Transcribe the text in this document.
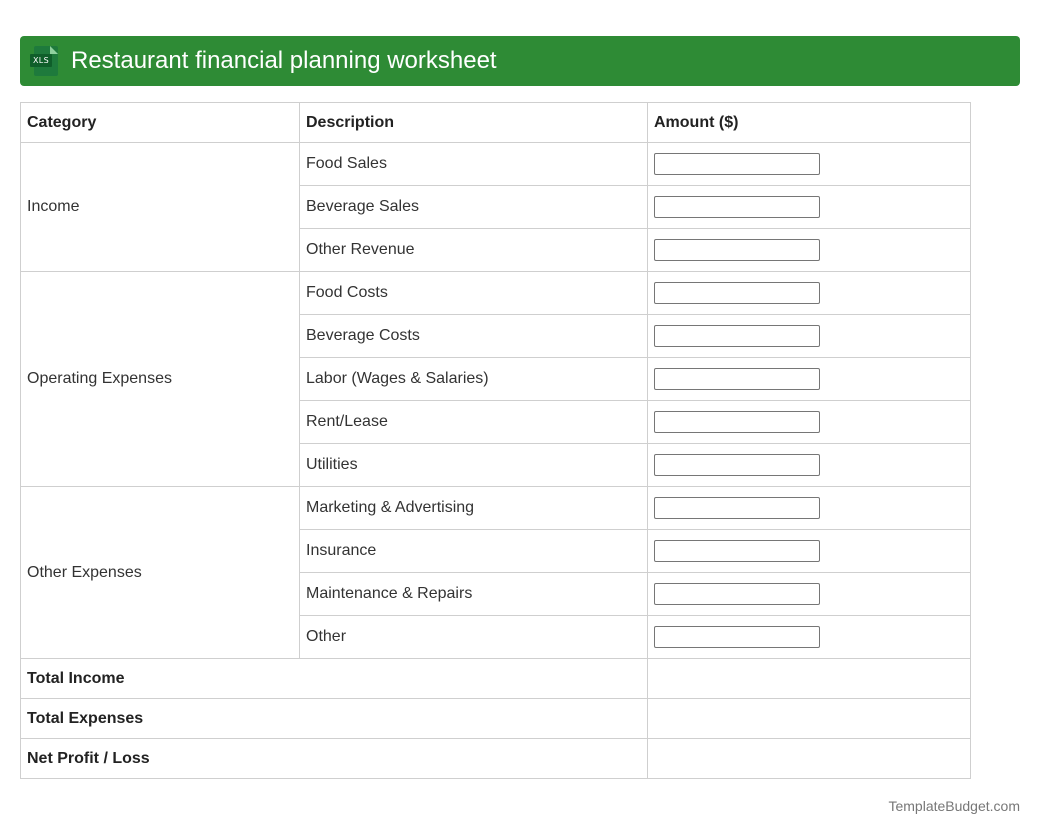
XLS Restaurant financial planning worksheet
Category	Description	Amount ($)
Income	Food Sales	

	Beverage Sales	

	Other Revenue	

Operating Expenses	Food Costs	

	Beverage Costs	

	Labor (Wages & Salaries)	

	Rent/Lease	

	Utilities	

Other Expenses	Marketing & Advertising	

	Insurance	

	Maintenance & Repairs	

	Other	

Total Income		
Total Expenses		
Net Profit / Loss		
TemplateBudget.com
